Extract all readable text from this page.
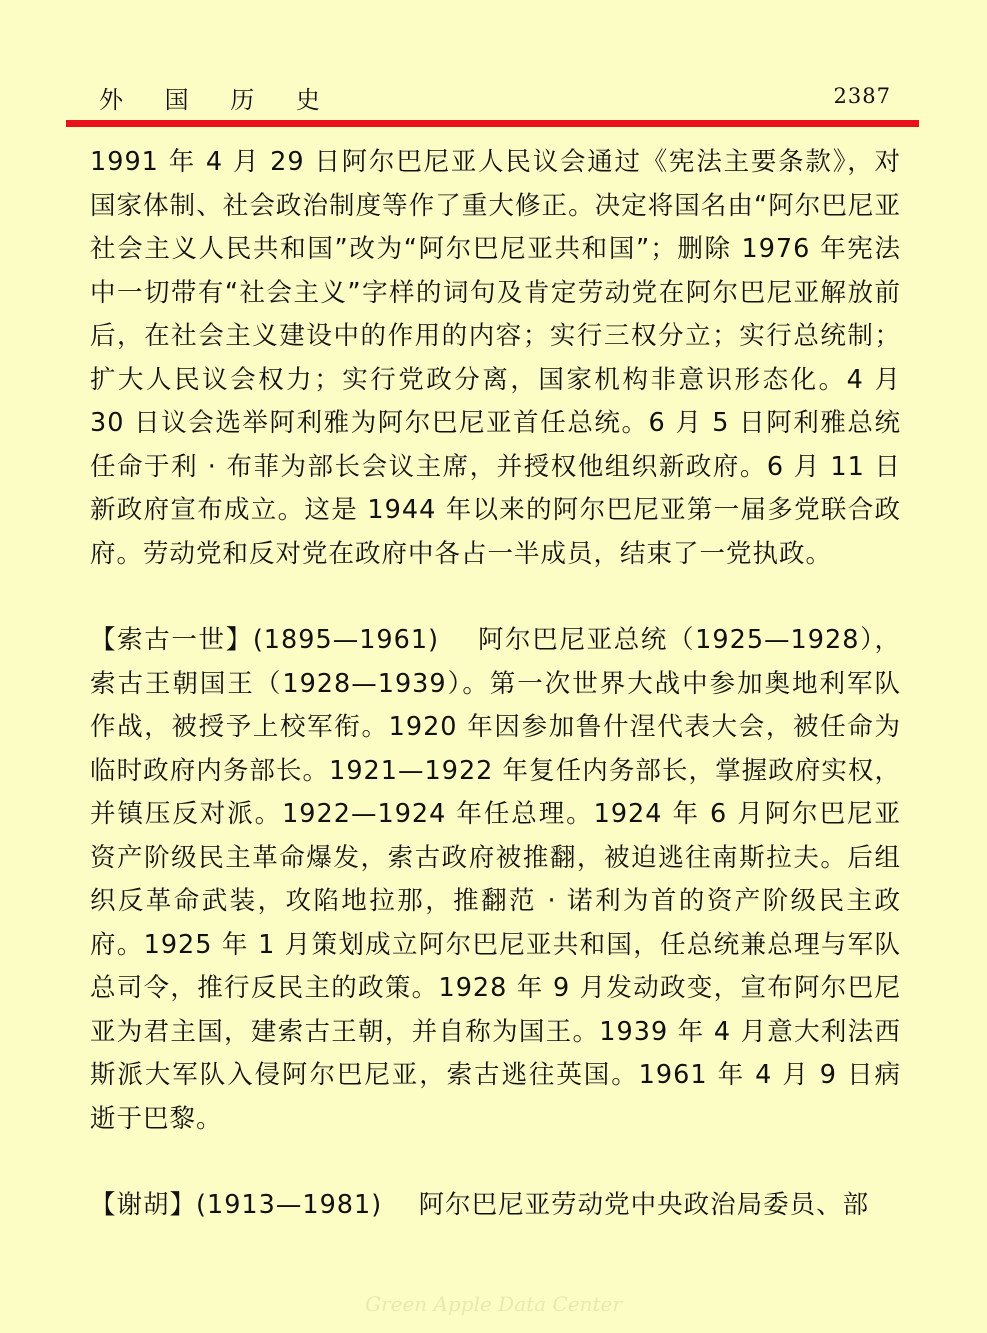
外 国 历 史	2387

1991 年 4 月 29 日阿尔巴尼亚人民议会通过《宪法主要条款》，对国家体制、社会政治制度等作了重大修正。决定将国名由“阿尔巴尼亚社会主义人民共和国”改为“阿尔巴尼亚共和国”；删除 1976 年宪法中一切带有“社会主义”字样的词句及肯定劳动党在阿尔巴尼亚解放前后，在社会主义建设中的作用的内容；实行三权分立；实行总统制；扩大人民议会权力；实行党政分离，国家机构非意识形态化。4 月 30 日议会选举阿利雅为阿尔巴尼亚首任总统。6 月 5 日阿利雅总统任命于利 · 布菲为部长会议主席，并授权他组织新政府。6 月 11 日新政府宣布成立。这是 1944 年以来的阿尔巴尼亚第一届多党联合政府。劳动党和反对党在政府中各占一半成员，结束了一党执政。

【索古一世】(1895—1961) 阿尔巴尼亚总统（1925—1928），索古王朝国王（1928—1939）。第一次世界大战中参加奥地利军队作战，被授予上校军衔。1920 年因参加鲁什涅代表大会，被任命为临时政府内务部长。1921—1922 年复任内务部长，掌握政府实权，并镇压反对派。1922—1924 年任总理。1924 年 6 月阿尔巴尼亚资产阶级民主革命爆发，索古政府被推翻，被迫逃往南斯拉夫。后组织反革命武装，攻陷地拉那，推翻范 · 诺利为首的资产阶级民主政府。1925 年 1 月策划成立阿尔巴尼亚共和国，任总统兼总理与军队总司令，推行反民主的政策。1928 年 9 月发动政变，宣布阿尔巴尼亚为君主国，建索古王朝，并自称为国王。1939 年 4 月意大利法西斯派大军队入侵阿尔巴尼亚，索古逃往英国。1961 年 4 月 9 日病逝于巴黎。

【谢胡】(1913—1981) 阿尔巴尼亚劳动党中央政治局委员、部

Green Apple Data Center
